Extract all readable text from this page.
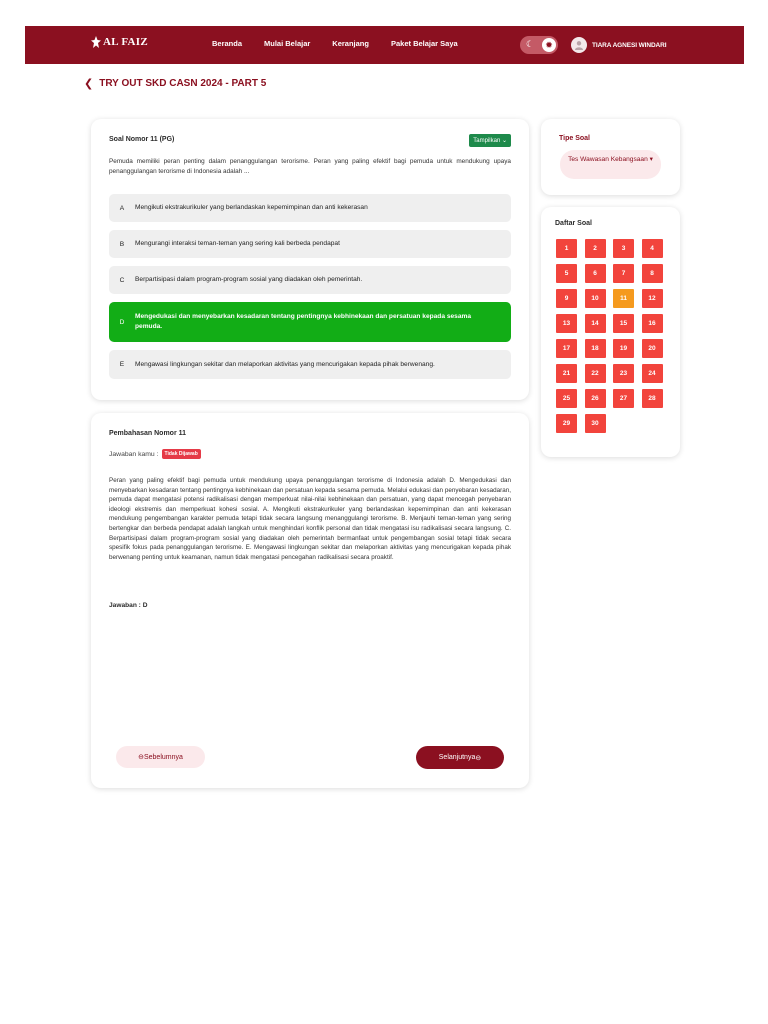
AL FAIZ	Beranda	Mulai Belajar	Keranjang	Paket Belajar Saya	☾	✹	TIARA AGNESI WINDARI
❮ TRY OUT SKD CASN 2024 - PART 5
Soal Nomor 11 (PG)	Tampilkan ⌄
Pemuda memiliki peran penting dalam penanggulangan terorisme. Peran yang paling efektif bagi pemuda untuk mendukung upaya penanggulangan terorisme di Indonesia adalah ...
A	Mengikuti ekstrakurikuler yang berlandaskan kepemimpinan dan anti kekerasan
B	Mengurangi interaksi teman-teman yang sering kali berbeda pendapat
C	Berpartisipasi dalam program-program sosial yang diadakan oleh pemerintah.
D
Mengedukasi dan menyebarkan kesadaran tentang pentingnya kebhinekaan dan persatuan kepada sesama pemuda.
E	Mengawasi lingkungan sekitar dan melaporkan aktivitas yang mencurigakan kepada pihak berwenang.
Pembahasan Nomor 11
Jawaban kamu :	Tidak Dijawab
Peran yang paling efektif bagi pemuda untuk mendukung upaya penanggulangan terorisme di Indonesia adalah D. Mengedukasi dan menyebarkan kesadaran tentang pentingnya kebhinekaan dan persatuan kepada sesama pemuda. Melalui edukasi dan penyebaran kesadaran, pemuda dapat mengatasi potensi radikalisasi dengan memperkuat nilai-nilai kebhinekaan dan persatuan, yang dapat mencegah penyebaran ideologi ekstremis dan memperkuat kohesi sosial. A. Mengikuti ekstrakurikuler yang berlandaskan kepemimpinan dan anti kekerasan mendukung pengembangan karakter pemuda tetapi tidak secara langsung menanggulangi terorisme. B. Menjauhi teman-teman yang sering bertengkar dan berbeda pendapat adalah langkah untuk menghindari konflik personal dan tidak mengatasi isu radikalisasi secara langsung. C. Berpartisipasi dalam program-program sosial yang diadakan oleh pemerintah bermanfaat untuk pengembangan sosial tetapi tidak secara spesifik fokus pada penanggulangan terorisme. E. Mengawasi lingkungan sekitar dan melaporkan aktivitas yang mencurigakan kepada pihak berwenang penting untuk keamanan, namun tidak mengatasi pencegahan radikalisasi secara proaktif.
Jawaban : D
⊖ Sebelumnya	Selanjutnya ⊖
Tipe Soal
Tes Wawasan Kebangsaan ▾
Daftar Soal
1	2	3	4
5	6	7	8
9	10	11	12
13	14	15	16
17	18	19	20
21	22	23	24
25	26	27	28
29	30
